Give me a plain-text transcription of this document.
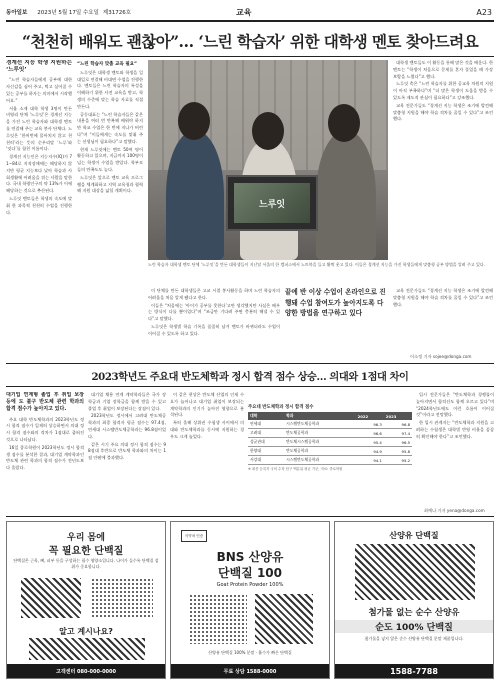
동아일보 2023년 5월 17일 수요일 제31726호	교육	A23
“천천히 배워도 괜찮아”… ‘느린 학습자’ 위한 대학생 멘토 찾아드려요
경계선 지능 학생 지원하는 ‘느루잇’

“느린 학습자들에게 공부에 대한 자신감을 심어 주고, 먹고 싶어질 수 있는 공부를 하자는 의미에서 시작했어요.”

서울 소재 대학 학생 3명이 만든 비영리 단체 ‘느루잇’은 경계선 지능을 가진 느린 학습자와 대학생 멘토를 연결해 주는 교육 봉사 단체다. 느루잇은 ‘한꺼번에 몰아치지 않고 천천히’라는 뜻의 순우리말 ‘느루’와 ‘잇다’를 합친 이름이다.

경계선 지능인은 지능지수(IQ)가 71∼84로 지적장애에는 해당하지 않지만 평균 지능보다 낮아 학습과 사회생활에 어려움을 겪는 사람을 말한다. 국내 학령인구의 약 13%가 이에 해당하는 것으로 추산된다.

느루잇 멘토들은 학생의 속도에 맞춰 한 과목씩 천천히 수업을 진행한다.

“느린 학습자 맞춤 교육 필요”

느루잇은 대학생 멘토와 학생을 일대일로 연결해 비대면 수업을 진행한다. 멘토들은 느린 학습자의 특성을 이해하기 위한 사전 교육을 받고, 학생의 수준에 맞는 학습 자료를 직접 만든다.

공동대표는 “느린 학습자들은 같은 내용을 여러 번 반복해 배워야 하지만 학교 수업은 한 번에 지나가 버린다”며 “이들에게는 속도를 맞춰 주는 선생님이 필요하다”고 말했다.

현재 느루잇에는 멘토 50여 명이 활동하고 있으며, 지금까지 100명이 넘는 학생이 수업을 받았다. 학부모들의 만족도도 높다.

느루잇은 앞으로 멘토 교육 프로그램을 체계화하고 지역 교육청과 협력해 지원 대상을 넓힐 계획이다.

느루잇

대학생 멘토들도 이 활동을 통해 많은 것을 배운다. 한 멘토는 “학생이 처음으로 문제를 혼자 풀었을 때 가장 보람을 느꼈다”고 했다.

느루잇 측은 “느린 학습자를 위한 공교육 차원의 지원이 아직 부족하다”며 “더 많은 학생이 도움을 받을 수 있도록 제도적 관심이 필요하다”고 강조했다.

교육 전문가들도 “경계선 지능 학생은 조기에 발견해 맞춤형 지원을 해야 학습 격차를 줄일 수 있다”고 조언했다.

느린 학습자 대학생 멘토 단체 ‘느루잇’을 만든 대학생들이 지난달 서울의 한 캠퍼스에서 노트북을 들고 활짝 웃고 있다. 이들은 경계선 지능을 가진 학생들에게 맞춤형 공부 방법을 알려 주고 있다.

이 단체를 만든 대학생들은 고교 시절 봉사활동을 하며 느린 학습자의 어려움을 처음 알게 됐다고 한다.

이들은 “처음에는 ‘아이가 공부를 못한다’고만 생각했지만 사실은 배우는 방식이 다를 뿐이었다”며 “조금만 기다려 주면 충분히 해낼 수 있다”고 말했다.

느루잇은 학생별 학습 기록을 꼼꼼히 남겨 멘토가 바뀌더라도 수업이 이어질 수 있도록 하고 있다.

끝에 반 이상 수업이 온라인으로 진행돼 수업 참여도가 높아지도록 다양한 방법을 연구하고 있다

교육 전문가들도 “경계선 지능 학생은 조기에 발견해 맞춤형 지원을 해야 학습 격차를 줄일 수 있다”고 조언했다.

이소정 기자 sojee@donga.com
2023학년도 주요대 반도체학과 정시 합격 점수 상승… 의대와 1점대 차이
대기업 연계형 졸업 후 취업 보장 등에 도 불구 반도체 관련 학과의 합격 점수가 높아지고 있다.

주요 대학 반도체학과의 2023학년도 정시 합격 점수가 일제히 상승하면서 의대 정시 합격 점수와의 격차가 1점대로 좁혀진 것으로 나타났다.

16일 종로학원이 2023학년도 정시 합격생 점수를 분석한 결과, 대기업 계약학과인 반도체 관련 학과의 합격 점수가 전년도보다 올랐다.

대기업 채용 연계 계약학과들은 국가 장학금과 기업 장학금을 함께 받을 수 있고 졸업 후 취업이 보장된다는 장점이 있다.

2023학년도 정시에서 고려대 반도체공학과의 최종 합격자 평균 점수는 97.4점, 연세대 시스템반도체공학과는 96.8점이었다.

같은 시기 주요 의대 정시 합격 점수는 98점대 후반으로 반도체 학과와의 차이는 1점 안팎에 불과했다.

이 같은 현상은 반도체 산업의 인재 수요가 늘어나고 대기업 취업이 보장되는 계약학과의 인기가 높아진 영향으로 분석된다.

특히 올해 상위권 수험생 사이에서 의대와 반도체학과를 동시에 지원하는 경우도 크게 늘었다.

주요대 반도체학과 정시 합격 점수
대학	학과	2022	2023
연세대	시스템반도체공학과	96.3	96.8
고려대	반도체공학과	96.6	97.4
성균관대	반도체시스템공학과	95.4	96.5
한양대	반도체공학과	94.9	95.8
서강대	시스템반도체공학과	94.1	95.2
※ 최종 등록자 국어 수학 탐구 백분위 평균 기준, 자료: 종로학원

입시 전문가들은 “반도체학과 경쟁률이 높아지면서 합격선도 함께 오르고 있다”며 “2024학년도에도 이런 흐름이 이어질 것”이라고 전망했다.

한 입시 관계자는 “반도체학과 지원을 고려하는 수험생은 대학별 반영 비율을 꼼꼼히 확인해야 한다”고 조언했다.

최예나 기자 yena@donga.com
우리 몸에
꼭 필요한 단백질
단백질은 근육, 뼈, 피부 등을 구성하는 필수 영양소입니다. 나이가 들수록 단백질 섭취가 중요합니다.
알고 계시나요?
고객센터 080-000-0000
식약처 인증
BNS 산양유
단백질 100
Goat Protein Powder 100%
산양유 단백질 100% 분말 · 흡수가 빠른 단백질
무료 상담 1588-0000
산양유 단백질
첨가물 없는 순수 산양유
순도 100% 단백질
첨가물을 넣지 않은 순수 산양유 단백질 분말 제품입니다.
1588-7788
